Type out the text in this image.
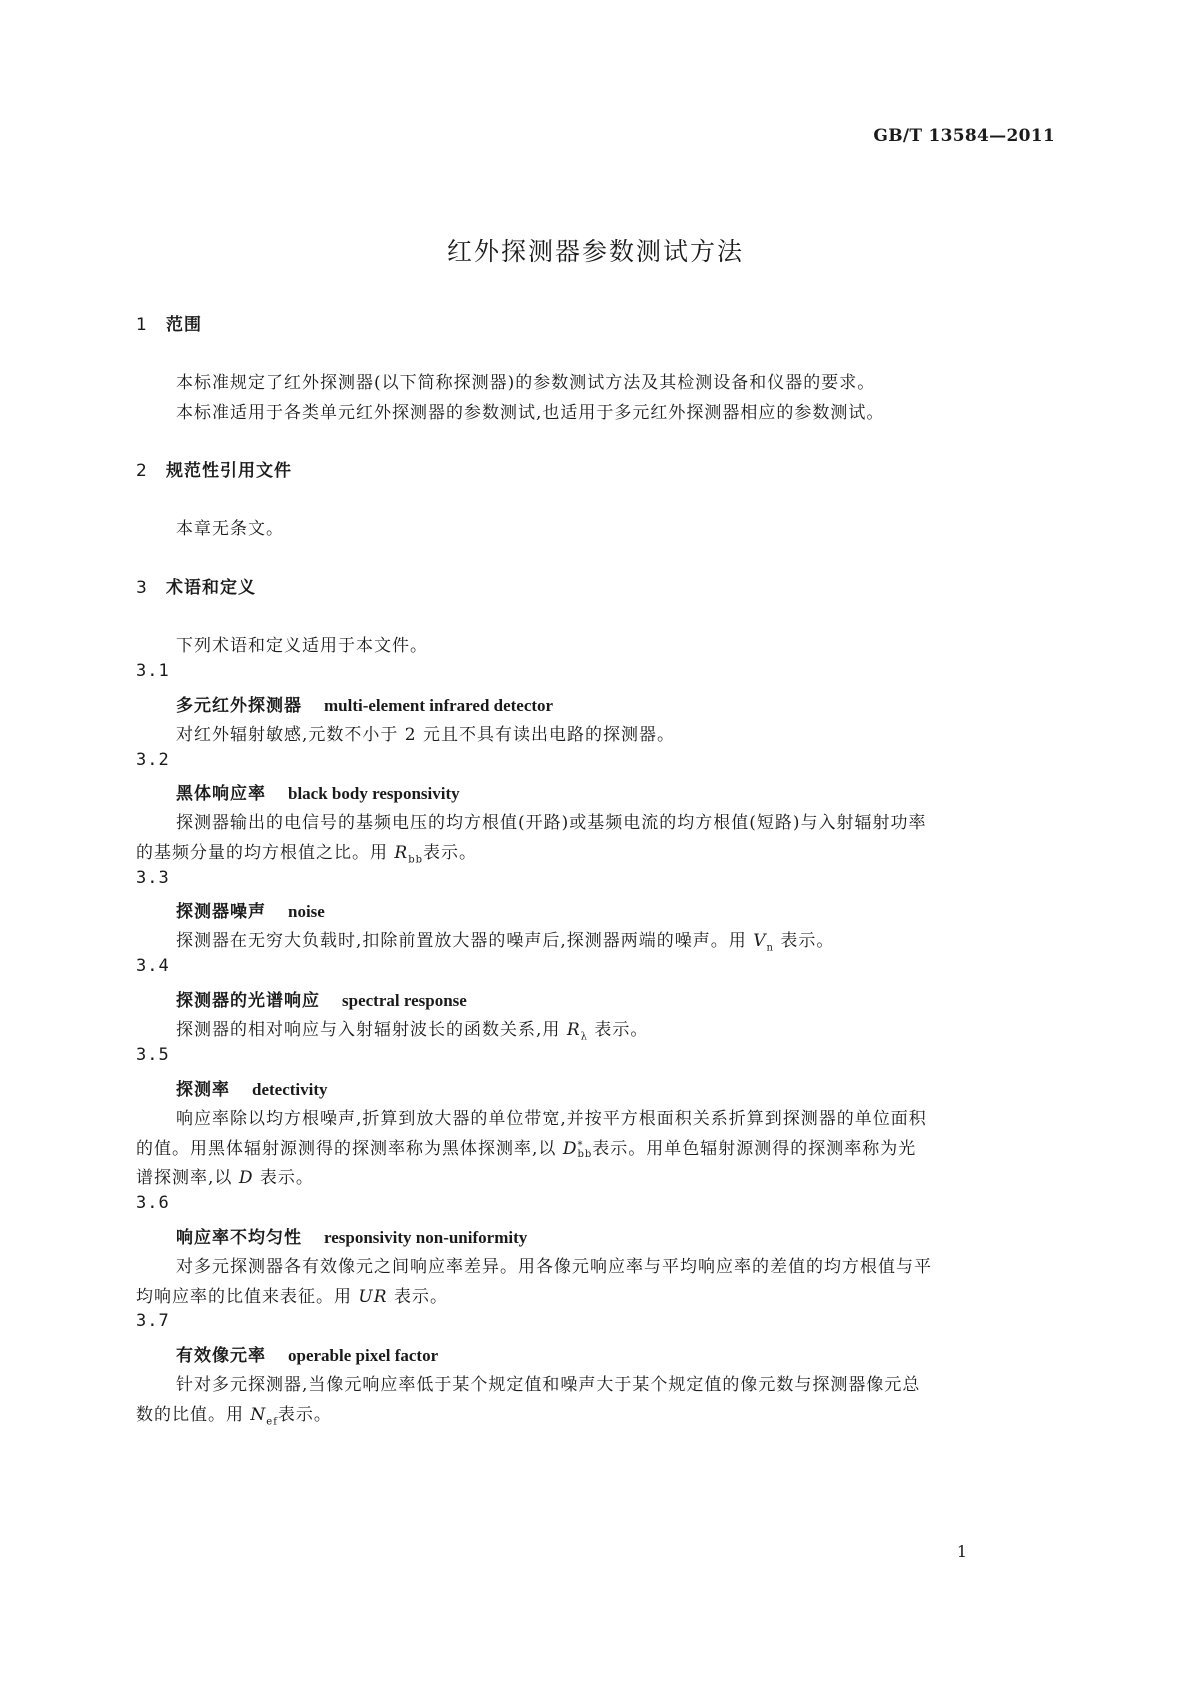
GB/T 13584—2011
红外探测器参数测试方法
1 范围
本标准规定了红外探测器(以下简称探测器)的参数测试方法及其检测设备和仪器的要求。
本标准适用于各类单元红外探测器的参数测试,也适用于多元红外探测器相应的参数测试。
2 规范性引用文件
本章无条文。
3 术语和定义
下列术语和定义适用于本文件。
3.1
多元红外探测器 multi-element infrared detector
对红外辐射敏感,元数不小于 2 元且不具有读出电路的探测器。
3.2
黑体响应率 black body responsivity
探测器输出的电信号的基频电压的均方根值(开路)或基频电流的均方根值(短路)与入射辐射功率
的基频分量的均方根值之比。用 $R_{bb}$表示。
3.3
探测器噪声 noise
探测器在无穷大负载时,扣除前置放大器的噪声后,探测器两端的噪声。用 $V_n$ 表示。
3.4
探测器的光谱响应 spectral response
探测器的相对响应与入射辐射波长的函数关系,用 $R_\lambda$ 表示。
3.5
探测率 detectivity
响应率除以均方根噪声,折算到放大器的单位带宽,并按平方根面积关系折算到探测器的单位面积
的值。用黑体辐射源测得的探测率称为黑体探测率,以 D *
bb 表示。用单色辐射源测得的探测率称为光
谱探测率,以 D 表示。
3.6
响应率不均匀性 responsivity non-uniformity
对多元探测器各有效像元之间响应率差异。用各像元响应率与平均响应率的差值的均方根值与平
均响应率的比值来表征。用 UR 表示。
3.7
有效像元率 operable pixel factor
针对多元探测器,当像元响应率低于某个规定值和噪声大于某个规定值的像元数与探测器像元总
数的比值。用 $N_{ef}$表示。
1
